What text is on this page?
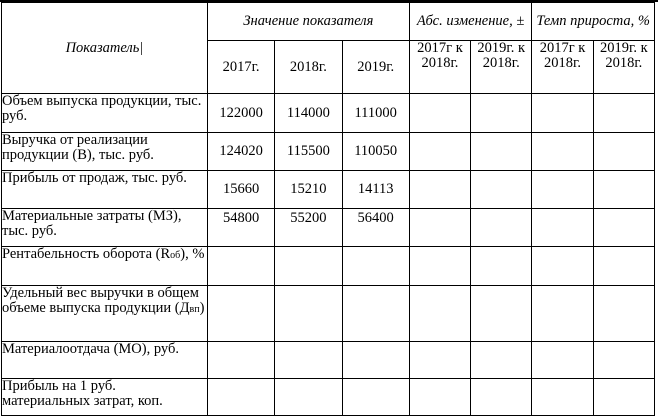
Показатель|	Значение показателя			Абс. изменение, ±		Темп прироста, %	
	2017г.	2018г.	2019г.	2017г к 2018г.	2019г. к 2018г.	2017г к 2018г.	2019г. к 2018г.
Объем выпуска продукции, тыс. руб.	122000	114000	111000				
Выручка от реализации продукции (В), тыс. руб.	124020	115500	110050				
Прибыль от продаж, тыс. руб.	15660	15210	14113				
Материальные затраты (МЗ), тыс. руб.	54800	55200	56400				
Рентабельность оборота (Rоб), %							
Удельный вес выручки в общем объеме выпуска продукции (Двп)							
Материалоотдача (МО), руб.							
Прибыль на 1 руб. материальных затрат, коп.							
